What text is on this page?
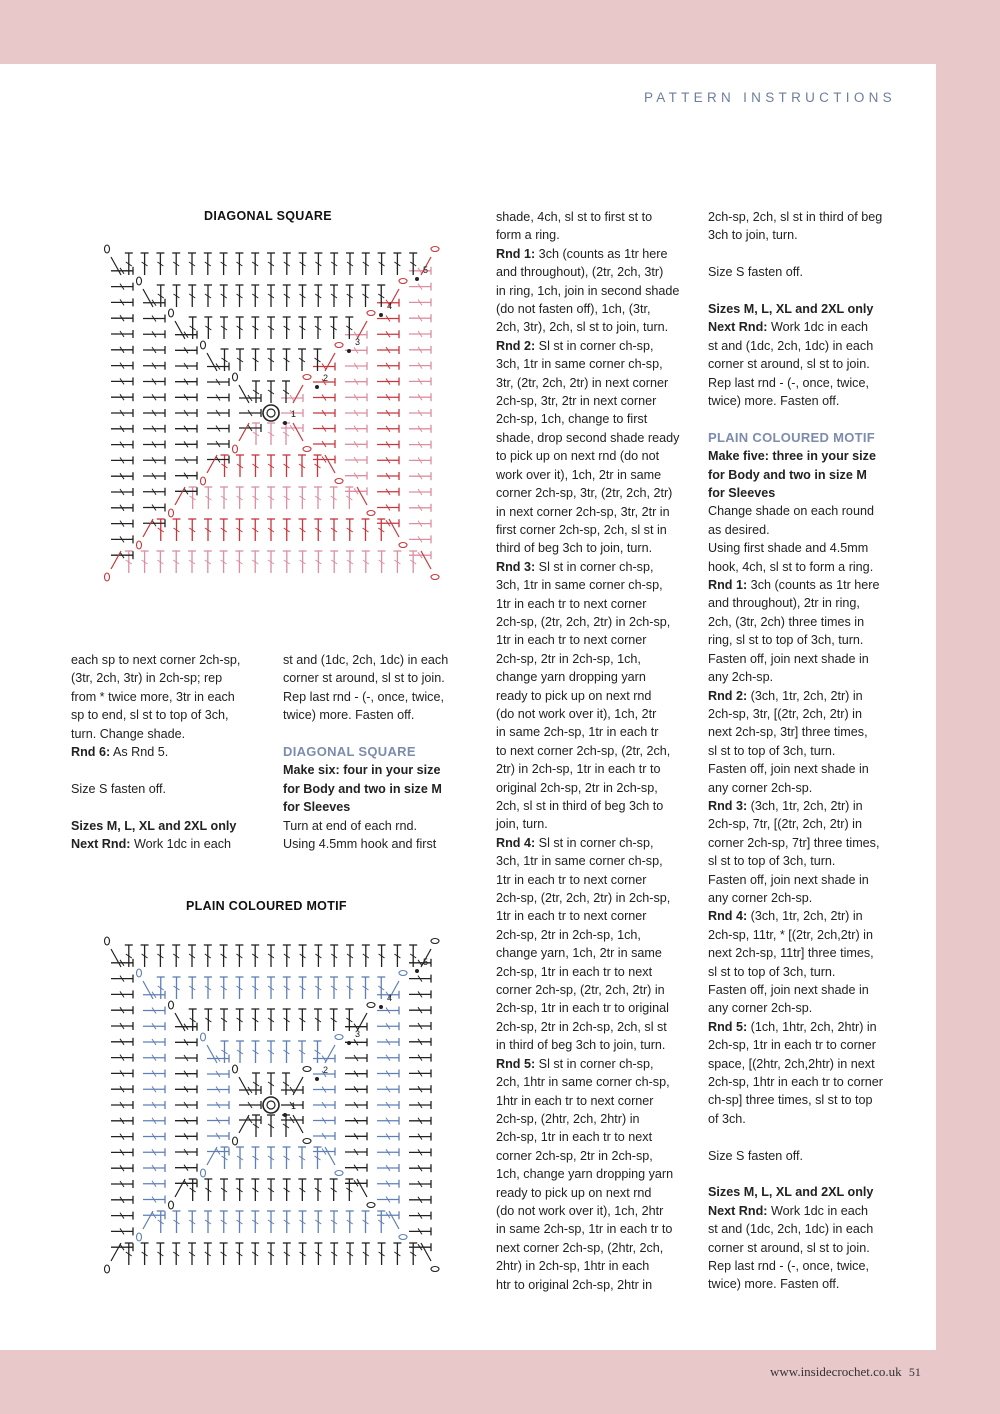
PATTERN INSTRUCTIONS
DIAGONAL SQUARE
5
4
3
2
1
PLAIN COLOURED MOTIF
5
4
3
2
1

each sp to next corner 2ch-sp,

(3tr, 2ch, 3tr) in 2ch-sp; rep

from * twice more, 3tr in each

sp to end, sl st to top of 3ch,

turn. Change shade.

Rnd 6: As Rnd 5.

Size S fasten off.

Sizes M, L, XL and 2XL only

Next Rnd: Work 1dc in each

st and (1dc, 2ch, 1dc) in each

corner st around, sl st to join.

Rep last rnd - (-, once, twice,

twice) more. Fasten off.

DIAGONAL SQUARE

Make six: four in your size

for Body and two in size M

for Sleeves

Turn at end of each rnd.

Using 4.5mm hook and first

shade, 4ch, sl st to first st to

form a ring.

Rnd 1: 3ch (counts as 1tr here

and throughout), (2tr, 2ch, 3tr)

in ring, 1ch, join in second shade

(do not fasten off), 1ch, (3tr,

2ch, 3tr), 2ch, sl st to join, turn.

Rnd 2: Sl st in corner ch-sp,

3ch, 1tr in same corner ch-sp,

3tr, (2tr, 2ch, 2tr) in next corner

2ch-sp, 3tr, 2tr in next corner

2ch-sp, 1ch, change to first

shade, drop second shade ready

to pick up on next rnd (do not

work over it), 1ch, 2tr in same

corner 2ch-sp, 3tr, (2tr, 2ch, 2tr)

in next corner 2ch-sp, 3tr, 2tr in

first corner 2ch-sp, 2ch, sl st in

third of beg 3ch to join, turn.

Rnd 3: Sl st in corner ch-sp,

3ch, 1tr in same corner ch-sp,

1tr in each tr to next corner

2ch-sp, (2tr, 2ch, 2tr) in 2ch-sp,

1tr in each tr to next corner

2ch-sp, 2tr in 2ch-sp, 1ch,

change yarn dropping yarn

ready to pick up on next rnd

(do not work over it), 1ch, 2tr

in same 2ch-sp, 1tr in each tr

to next corner 2ch-sp, (2tr, 2ch,

2tr) in 2ch-sp, 1tr in each tr to

original 2ch-sp, 2tr in 2ch-sp,

2ch, sl st in third of beg 3ch to

join, turn.

Rnd 4: Sl st in corner ch-sp,

3ch, 1tr in same corner ch-sp,

1tr in each tr to next corner

2ch-sp, (2tr, 2ch, 2tr) in 2ch-sp,

1tr in each tr to next corner

2ch-sp, 2tr in 2ch-sp, 1ch,

change yarn, 1ch, 2tr in same

2ch-sp, 1tr in each tr to next

corner 2ch-sp, (2tr, 2ch, 2tr) in

2ch-sp, 1tr in each tr to original

2ch-sp, 2tr in 2ch-sp, 2ch, sl st

in third of beg 3ch to join, turn.

Rnd 5: Sl st in corner ch-sp,

2ch, 1htr in same corner ch-sp,

1htr in each tr to next corner

2ch-sp, (2htr, 2ch, 2htr) in

2ch-sp, 1tr in each tr to next

corner 2ch-sp, 2tr in 2ch-sp,

1ch, change yarn dropping yarn

ready to pick up on next rnd

(do not work over it), 1ch, 2htr

in same 2ch-sp, 1tr in each tr to

next corner 2ch-sp, (2htr, 2ch,

2htr) in 2ch-sp, 1htr in each

htr to original 2ch-sp, 2htr in

2ch-sp, 2ch, sl st in third of beg

3ch to join, turn.

Size S fasten off.

Sizes M, L, XL and 2XL only

Next Rnd: Work 1dc in each

st and (1dc, 2ch, 1dc) in each

corner st around, sl st to join.

Rep last rnd - (-, once, twice,

twice) more. Fasten off.

PLAIN COLOURED MOTIF

Make five: three in your size

for Body and two in size M

for Sleeves

Change shade on each round

as desired.

Using first shade and 4.5mm

hook, 4ch, sl st to form a ring.

Rnd 1: 3ch (counts as 1tr here

and throughout), 2tr in ring,

2ch, (3tr, 2ch) three times in

ring, sl st to top of 3ch, turn.

Fasten off, join next shade in

any 2ch-sp.

Rnd 2: (3ch, 1tr, 2ch, 2tr) in

2ch-sp, 3tr, [(2tr, 2ch, 2tr) in

next 2ch-sp, 3tr] three times,

sl st to top of 3ch, turn.

Fasten off, join next shade in

any corner 2ch-sp.

Rnd 3: (3ch, 1tr, 2ch, 2tr) in

2ch-sp, 7tr, [(2tr, 2ch, 2tr) in

corner 2ch-sp, 7tr] three times,

sl st to top of 3ch, turn.

Fasten off, join next shade in

any corner 2ch-sp.

Rnd 4: (3ch, 1tr, 2ch, 2tr) in

2ch-sp, 11tr, * [(2tr, 2ch,2tr) in

next 2ch-sp, 11tr] three times,

sl st to top of 3ch, turn.

Fasten off, join next shade in

any corner 2ch-sp.

Rnd 5: (1ch, 1htr, 2ch, 2htr) in

2ch-sp, 1tr in each tr to corner

space, [(2htr, 2ch,2htr) in next

2ch-sp, 1htr in each tr to corner

ch-sp] three times, sl st to top

of 3ch.

Size S fasten off.

Sizes M, L, XL and 2XL only

Next Rnd: Work 1dc in each

st and (1dc, 2ch, 1dc) in each

corner st around, sl st to join.

Rep last rnd - (-, once, twice,

twice) more. Fasten off.

www.insidecrochet.co.uk 51
